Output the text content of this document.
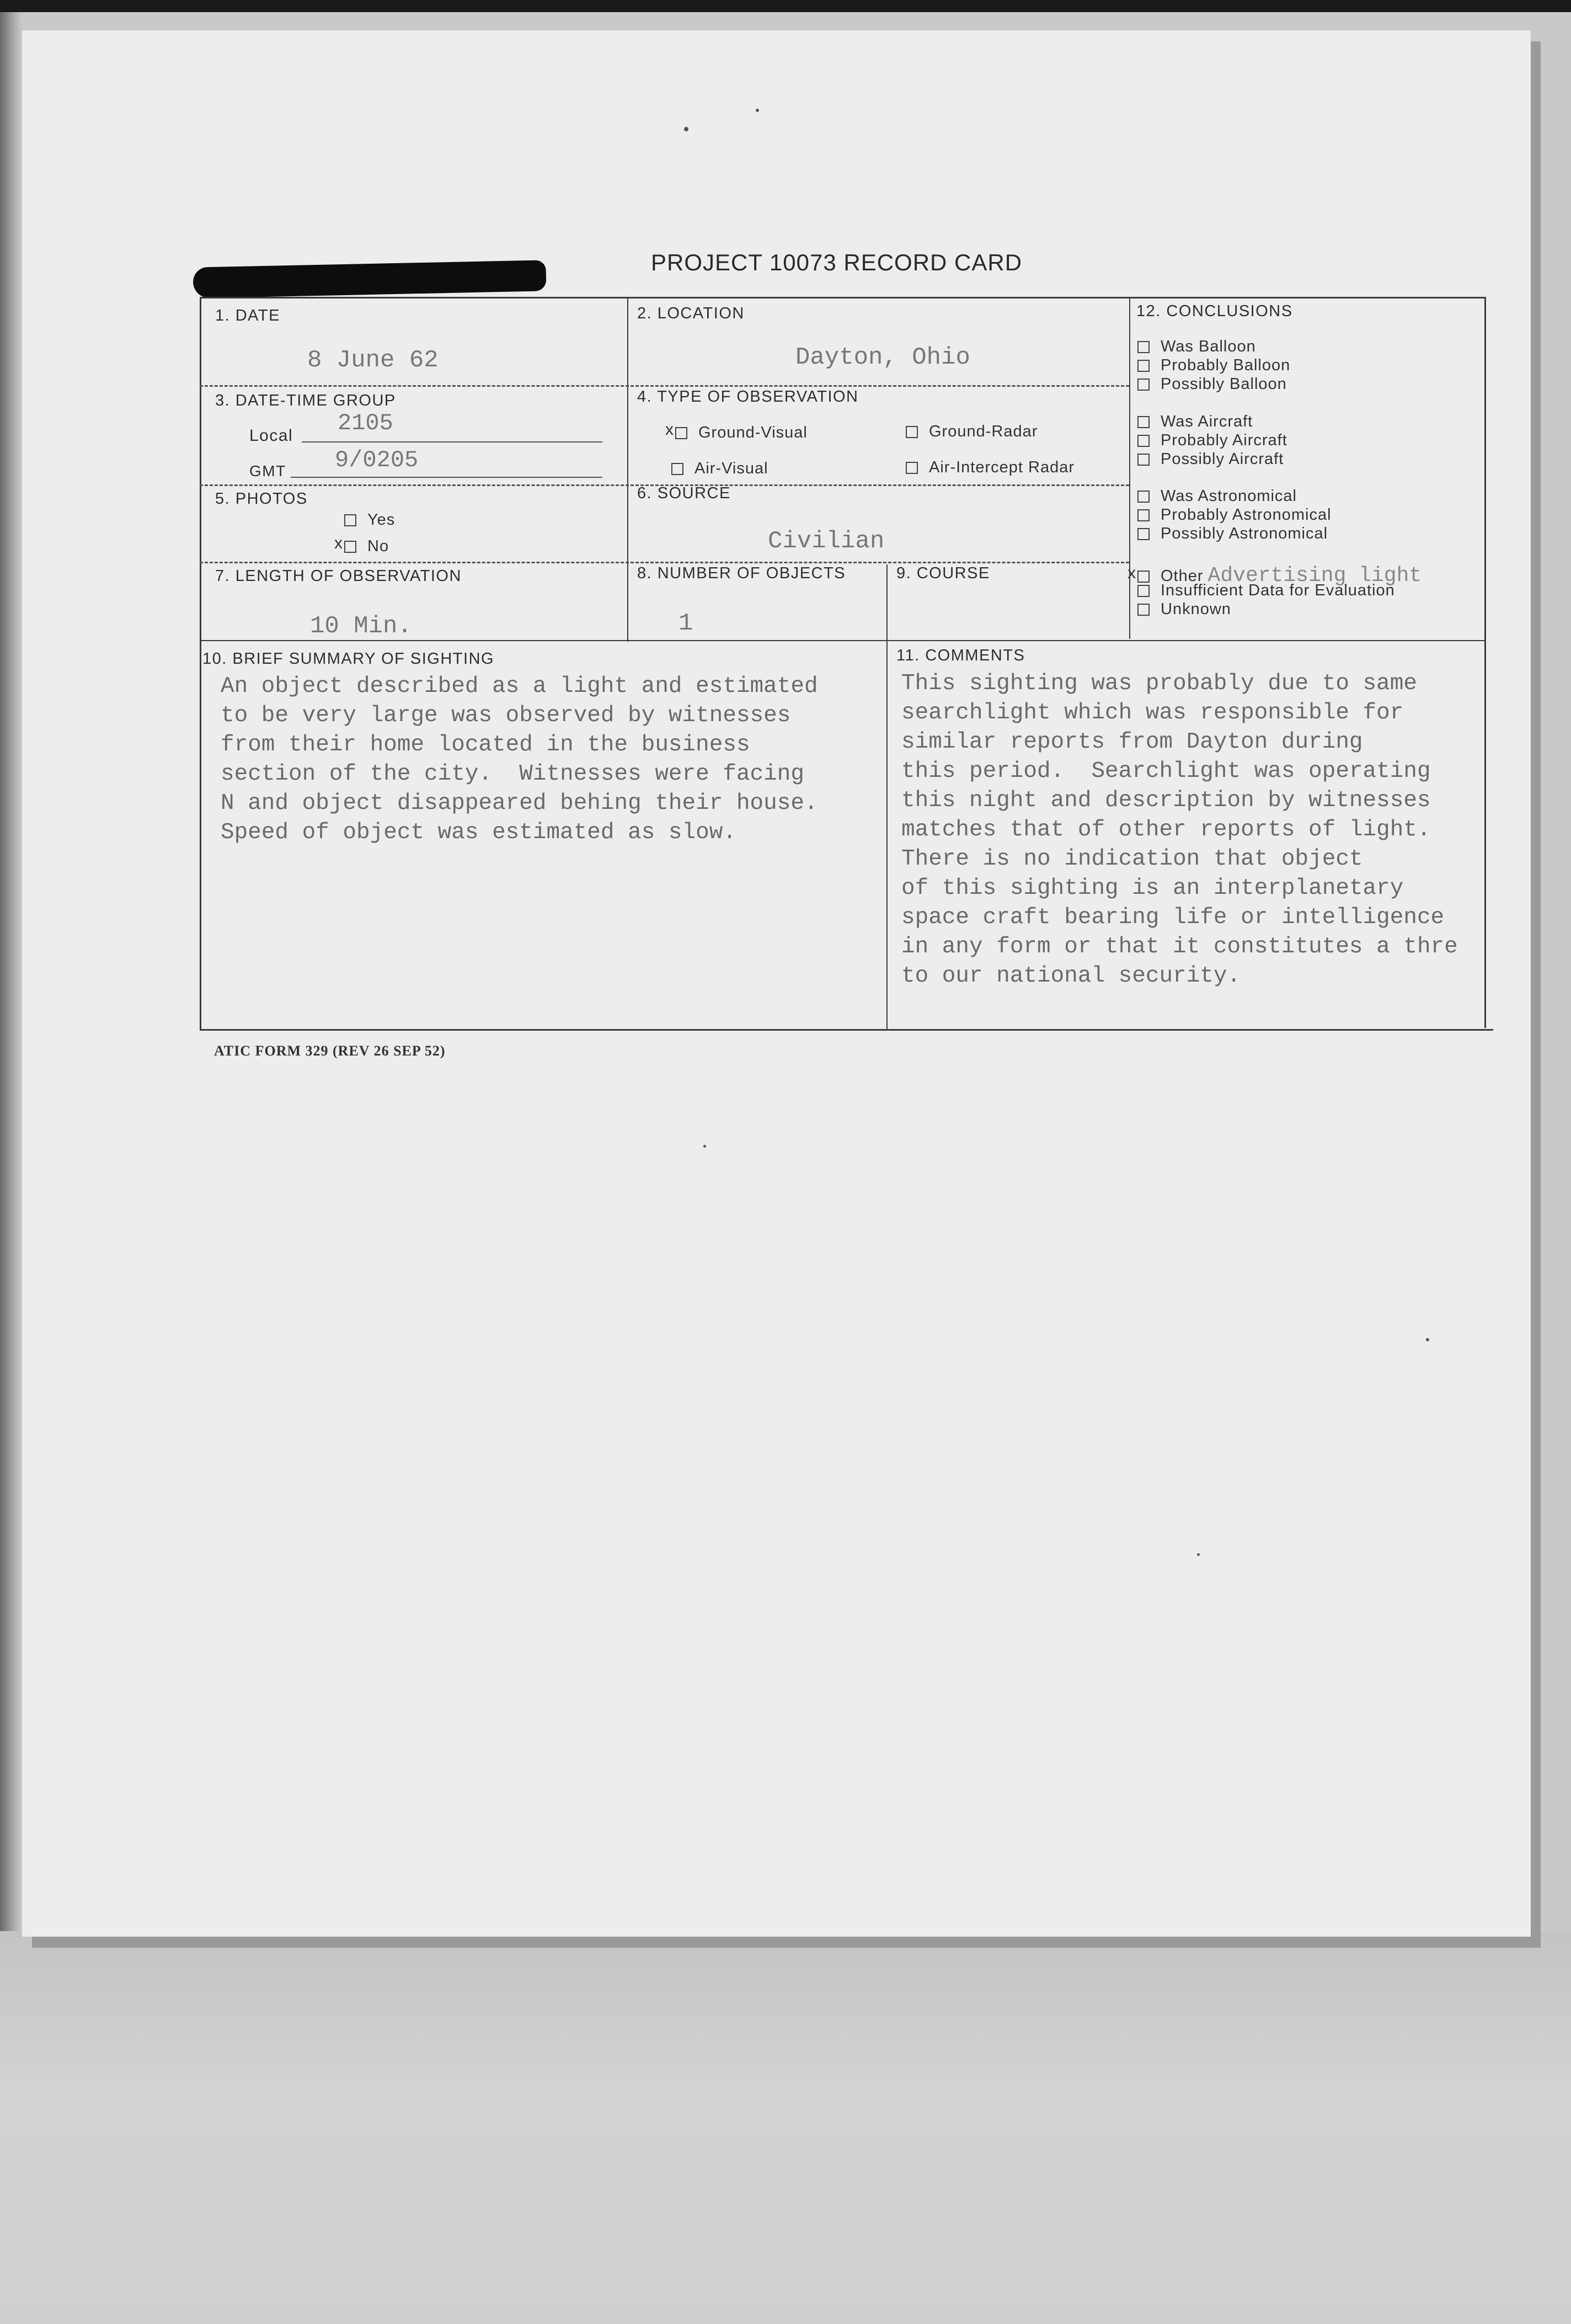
PROJECT 10073 RECORD CARD
1. DATE
8 June 62
2. LOCATION
Dayton, Ohio
3. DATE-TIME GROUP
Local 2105
GMT 9/0205
4. TYPE OF OBSERVATION
xGround-Visual	Ground-Radar
Air-Visual	Air-Intercept Radar
5. PHOTOS
Yes
xNo
6. SOURCE
Civilian
7. LENGTH OF OBSERVATION
10 Min.
8. NUMBER OF OBJECTS
1
9. COURSE
10. BRIEF SUMMARY OF SIGHTING
An object described as a light and estimated
to be very large was observed by witnesses
from their home located in the business
section of the city.  Witnesses were facing
N and object disappeared behing their house.
Speed of object was estimated as slow.
11. COMMENTS
This sighting was probably due to same
searchlight which was responsible for
similar reports from Dayton during
this period.  Searchlight was operating
this night and description by witnesses
matches that of other reports of light.
There is no indication that object
of this sighting is an interplanetary
space craft bearing life or intelligence
in any form or that it constitutes a thre
to our national security.
12. CONCLUSIONS
Was Balloon
Probably Balloon
Possibly Balloon
Was Aircraft
Probably Aircraft
Possibly Aircraft
Was Astronomical
Probably Astronomical
Possibly Astronomical
xOther Advertising light
Insufficient Data for Evaluation
Unknown
ATIC FORM 329 (REV 26 SEP 52)
